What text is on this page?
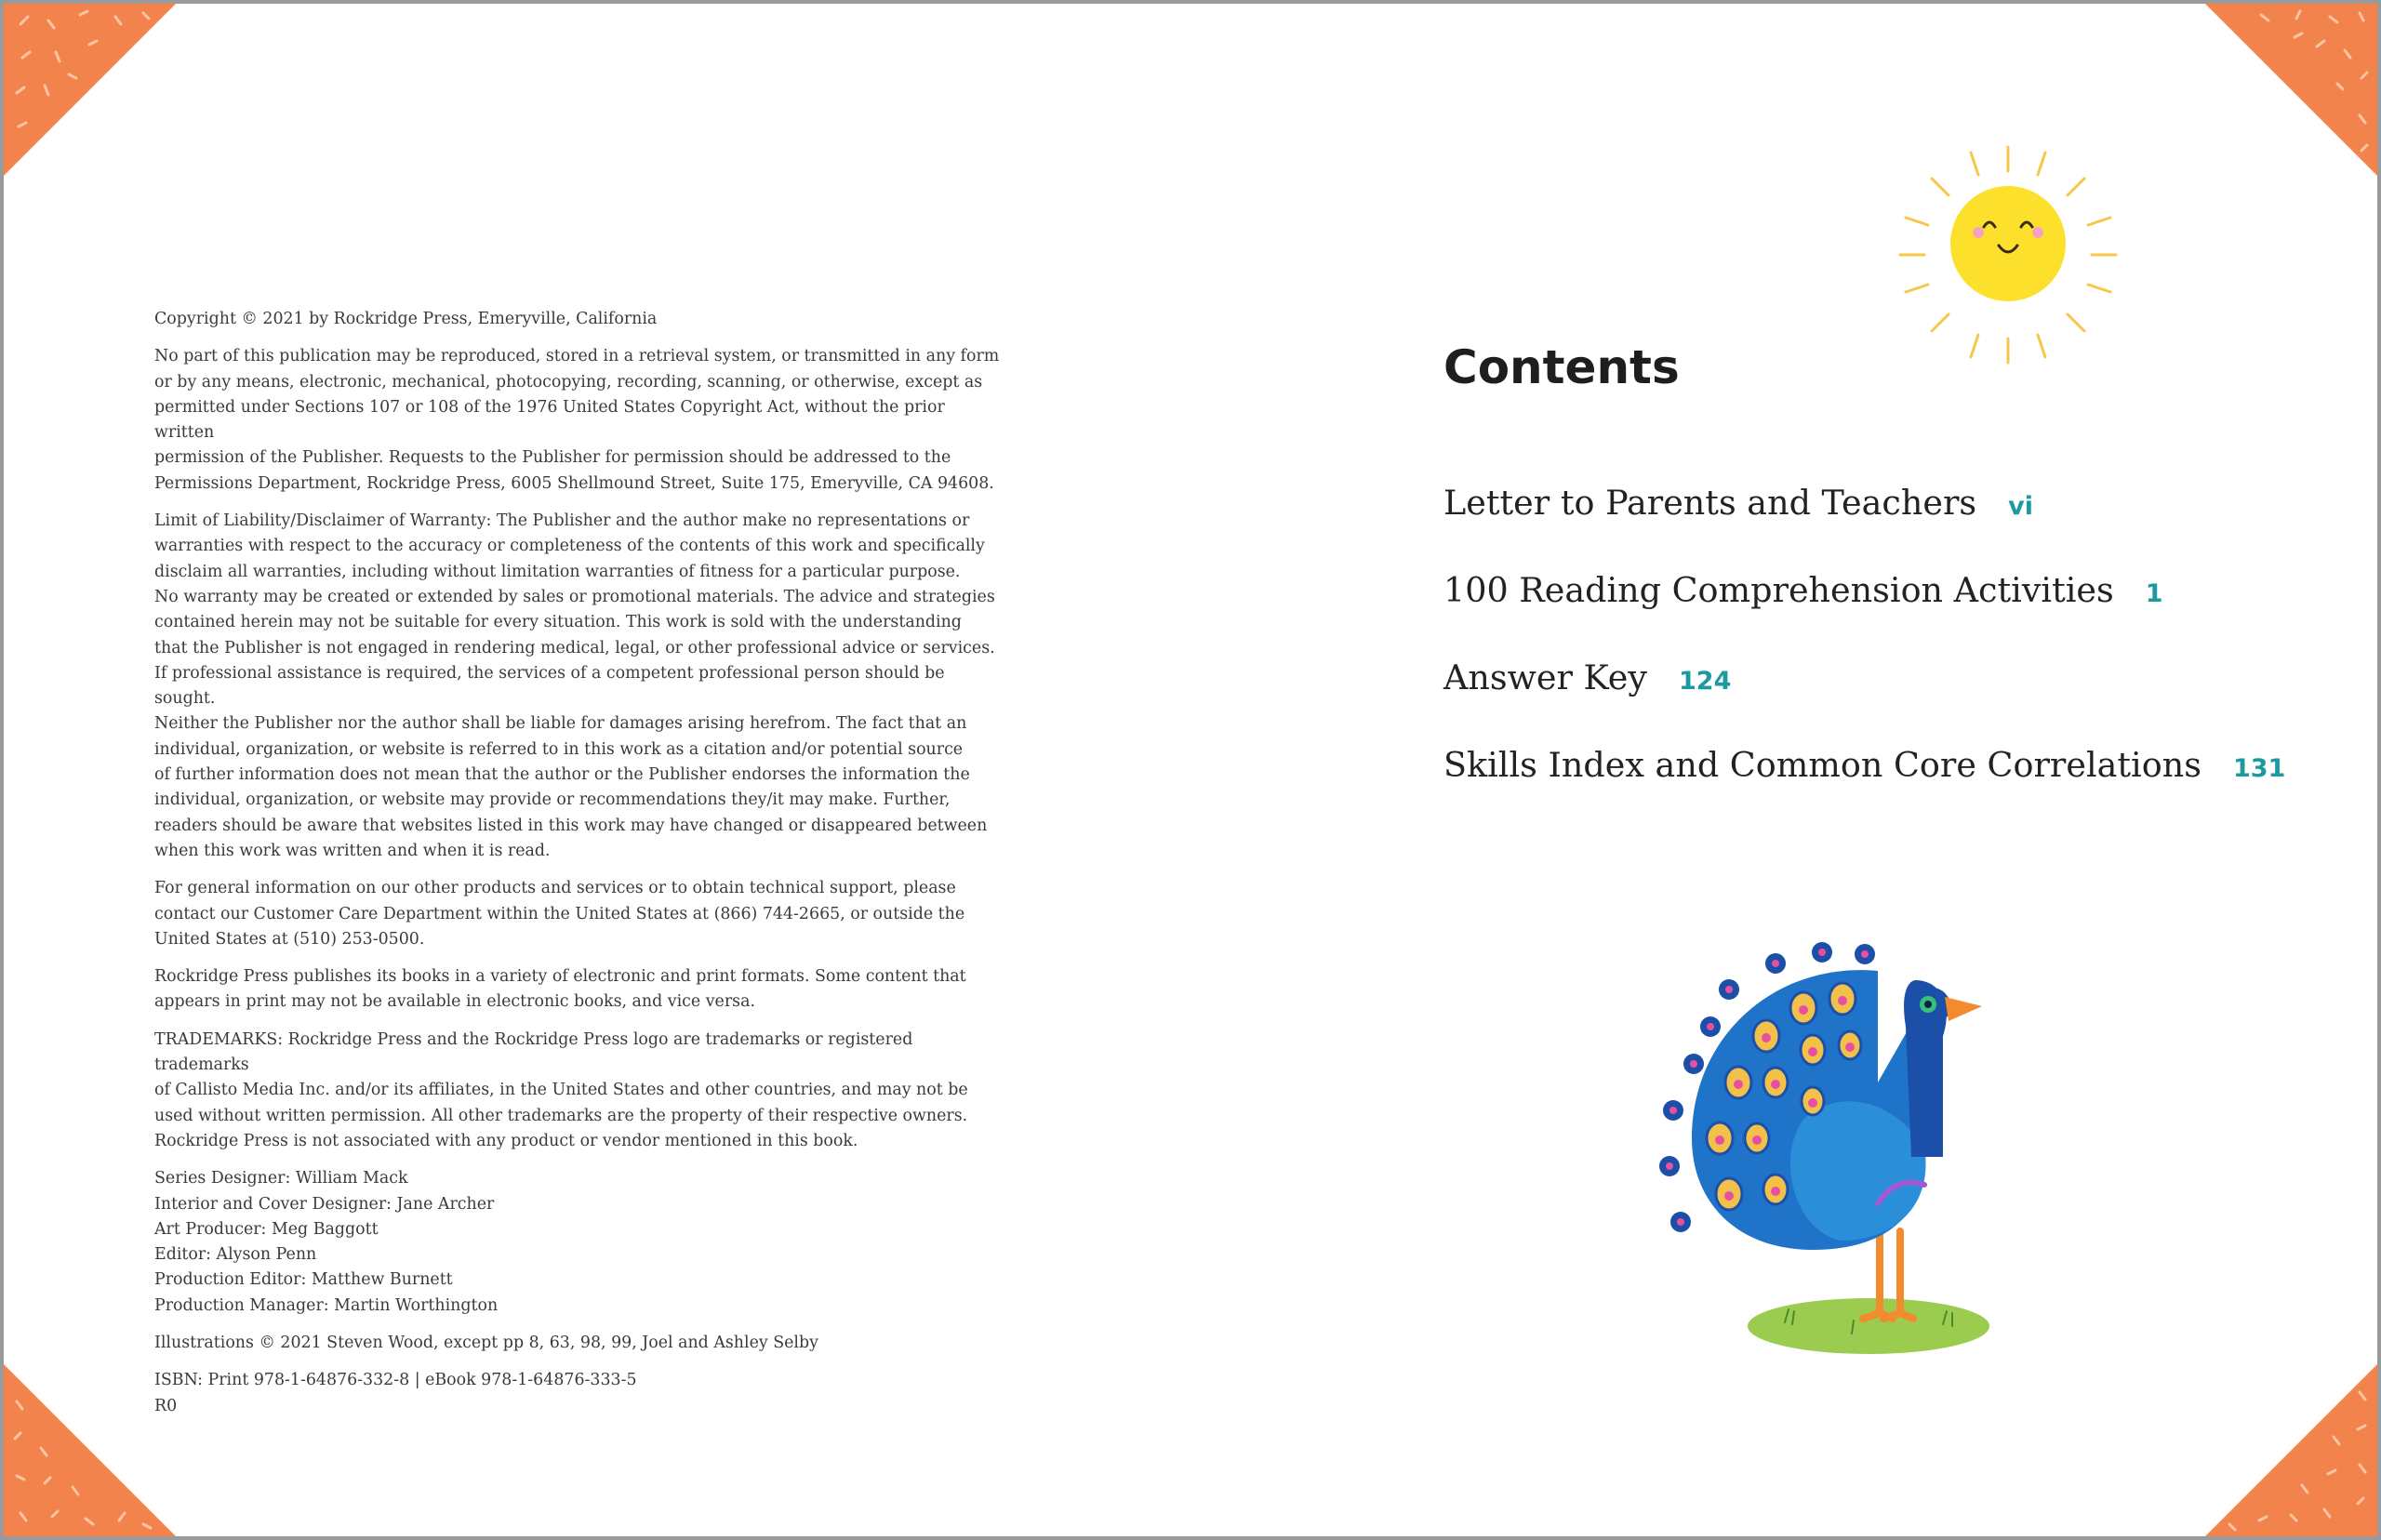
Copyright © 2021 by Rockridge Press, Emeryville, California

No part of this publication may be reproduced, stored in a retrieval system, or transmitted in any form
or by any means, electronic, mechanical, photocopying, recording, scanning, or otherwise, except as
permitted under Sections 107 or 108 of the 1976 United States Copyright Act, without the prior written
permission of the Publisher. Requests to the Publisher for permission should be addressed to the
Permissions Department, Rockridge Press, 6005 Shellmound Street, Suite 175, Emeryville, CA 94608.

Limit of Liability/Disclaimer of Warranty: The Publisher and the author make no representations or
warranties with respect to the accuracy or completeness of the contents of this work and specifically
disclaim all warranties, including without limitation warranties of fitness for a particular purpose.
No warranty may be created or extended by sales or promotional materials. The advice and strategies
contained herein may not be suitable for every situation. This work is sold with the understanding
that the Publisher is not engaged in rendering medical, legal, or other professional advice or services.
If professional assistance is required, the services of a competent professional person should be sought.
Neither the Publisher nor the author shall be liable for damages arising herefrom. The fact that an
individual, organization, or website is referred to in this work as a citation and/or potential source
of further information does not mean that the author or the Publisher endorses the information the
individual, organization, or website may provide or recommendations they/it may make. Further,
readers should be aware that websites listed in this work may have changed or disappeared between
when this work was written and when it is read.

For general information on our other products and services or to obtain technical support, please
contact our Customer Care Department within the United States at (866) 744-2665, or outside the
United States at (510) 253-0500.

Rockridge Press publishes its books in a variety of electronic and print formats. Some content that
appears in print may not be available in electronic books, and vice versa.

TRADEMARKS: Rockridge Press and the Rockridge Press logo are trademarks or registered trademarks
of Callisto Media Inc. and/or its affiliates, in the United States and other countries, and may not be
used without written permission. All other trademarks are the property of their respective owners.
Rockridge Press is not associated with any product or vendor mentioned in this book.

Series Designer: William Mack
Interior and Cover Designer: Jane Archer
Art Producer: Meg Baggott
Editor: Alyson Penn
Production Editor: Matthew Burnett
Production Manager: Martin Worthington

Illustrations © 2021 Steven Wood, except pp 8, 63, 98, 99, Joel and Ashley Selby

ISBN: Print 978-1-64876-332-8 | eBook 978-1-64876-333-5

R0

Contents
Letter to Parents and Teachers vi
100 Reading Comprehension Activities 1
Answer Key 124
Skills Index and Common Core Correlations 131
